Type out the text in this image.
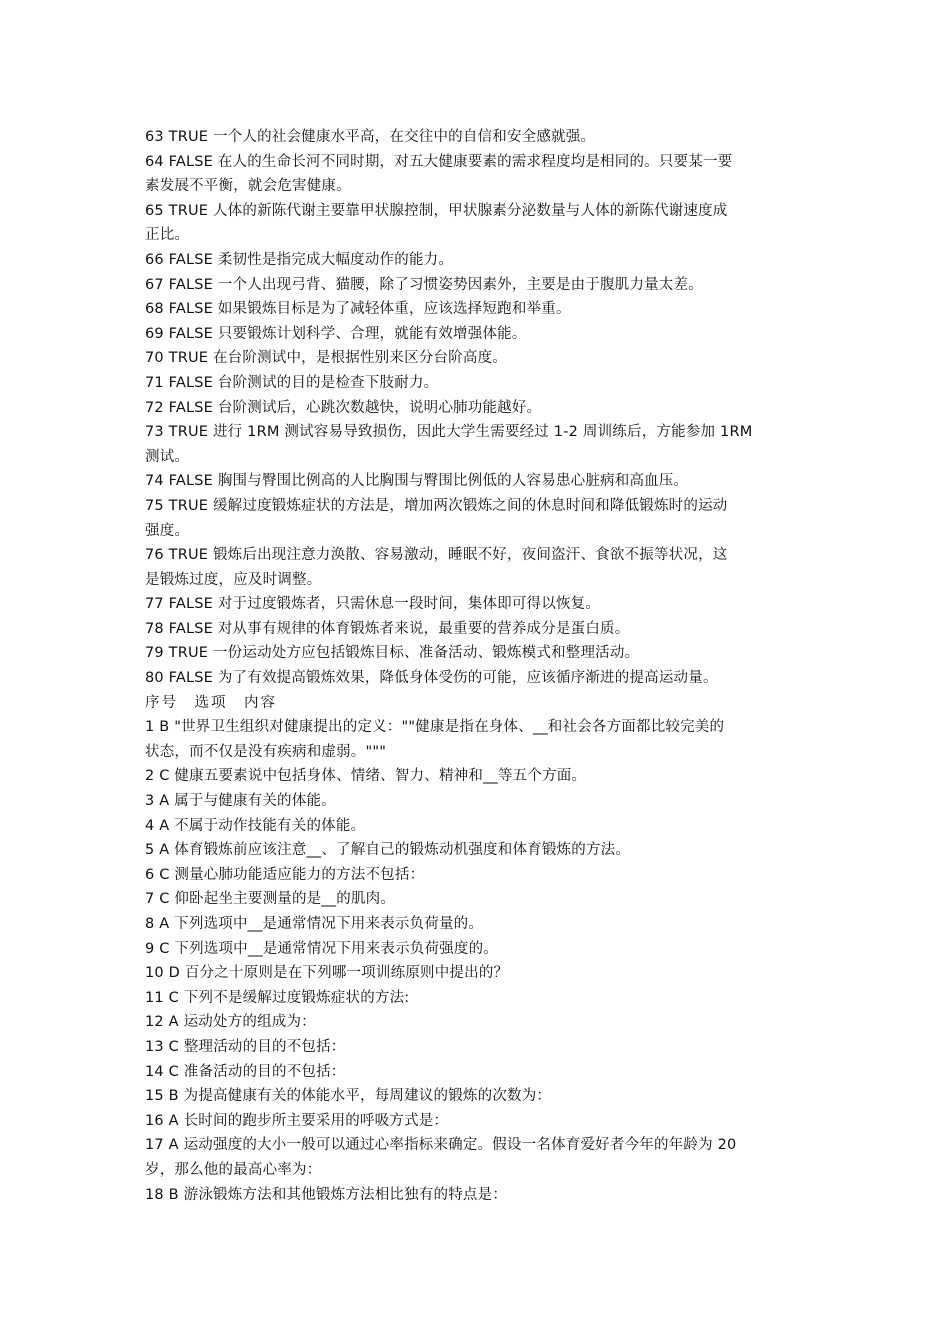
63 TRUE 一个人的社会健康水平高，在交往中的自信和安全感就强。
64 FALSE 在人的生命长河不同时期，对五大健康要素的需求程度均是相同的。只要某一要
素发展不平衡，就会危害健康。
65 TRUE 人体的新陈代谢主要靠甲状腺控制，甲状腺素分泌数量与人体的新陈代谢速度成
正比。
66 FALSE 柔韧性是指完成大幅度动作的能力。
67 FALSE 一个人出现弓背、猫腰，除了习惯姿势因素外，主要是由于腹肌力量太差。
68 FALSE 如果锻炼目标是为了减轻体重，应该选择短跑和举重。
69 FALSE 只要锻炼计划科学、合理，就能有效增强体能。
70 TRUE 在台阶测试中，是根据性别来区分台阶高度。
71 FALSE 台阶测试的目的是检查下肢耐力。
72 FALSE 台阶测试后，心跳次数越快，说明心肺功能越好。
73 TRUE 进行 1RM 测试容易导致损伤，因此大学生需要经过 1-2 周训练后，方能参加 1RM
测试。
74 FALSE 胸围与臀围比例高的人比胸围与臀围比例低的人容易患心脏病和高血压。
75 TRUE 缓解过度锻炼症状的方法是，增加两次锻炼之间的休息时间和降低锻炼时的运动
强度。
76 TRUE 锻炼后出现注意力涣散、容易激动，睡眠不好，夜间盗汗、食欲不振等状况，这
是锻炼过度，应及时调整。
77 FALSE 对于过度锻炼者，只需休息一段时间，集体即可得以恢复。
78 FALSE 对从事有规律的体育锻炼者来说，最重要的营养成分是蛋白质。
79 TRUE 一份运动处方应包括锻炼目标、准备活动、锻炼模式和整理活动。
80 FALSE 为了有效提高锻炼效果，降低身体受伤的可能，应该循序渐进的提高运动量。
序号　选项　内容
1 B "世界卫生组织对健康提出的定义：""健康是指在身体、__和社会各方面都比较完美的
状态，而不仅是没有疾病和虚弱。"""
2 C 健康五要素说中包括身体、情绪、智力、精神和__等五个方面。
3 A 属于与健康有关的体能。
4 A 不属于动作技能有关的体能。
5 A 体育锻炼前应该注意__、了解自己的锻炼动机强度和体育锻炼的方法。
6 C 测量心肺功能适应能力的方法不包括：
7 C 仰卧起坐主要测量的是__的肌肉。
8 A 下列选项中__是通常情况下用来表示负荷量的。
9 C 下列选项中__是通常情况下用来表示负荷强度的。
10 D 百分之十原则是在下列哪一项训练原则中提出的？
11 C 下列不是缓解过度锻炼症状的方法:
12 A 运动处方的组成为：
13 C 整理活动的目的不包括：
14 C 准备活动的目的不包括：
15 B 为提高健康有关的体能水平，每周建议的锻炼的次数为：
16 A 长时间的跑步所主要采用的呼吸方式是：
17 A 运动强度的大小一般可以通过心率指标来确定。假设一名体育爱好者今年的年龄为 20
岁，那么他的最高心率为：
18 B 游泳锻炼方法和其他锻炼方法相比独有的特点是：
